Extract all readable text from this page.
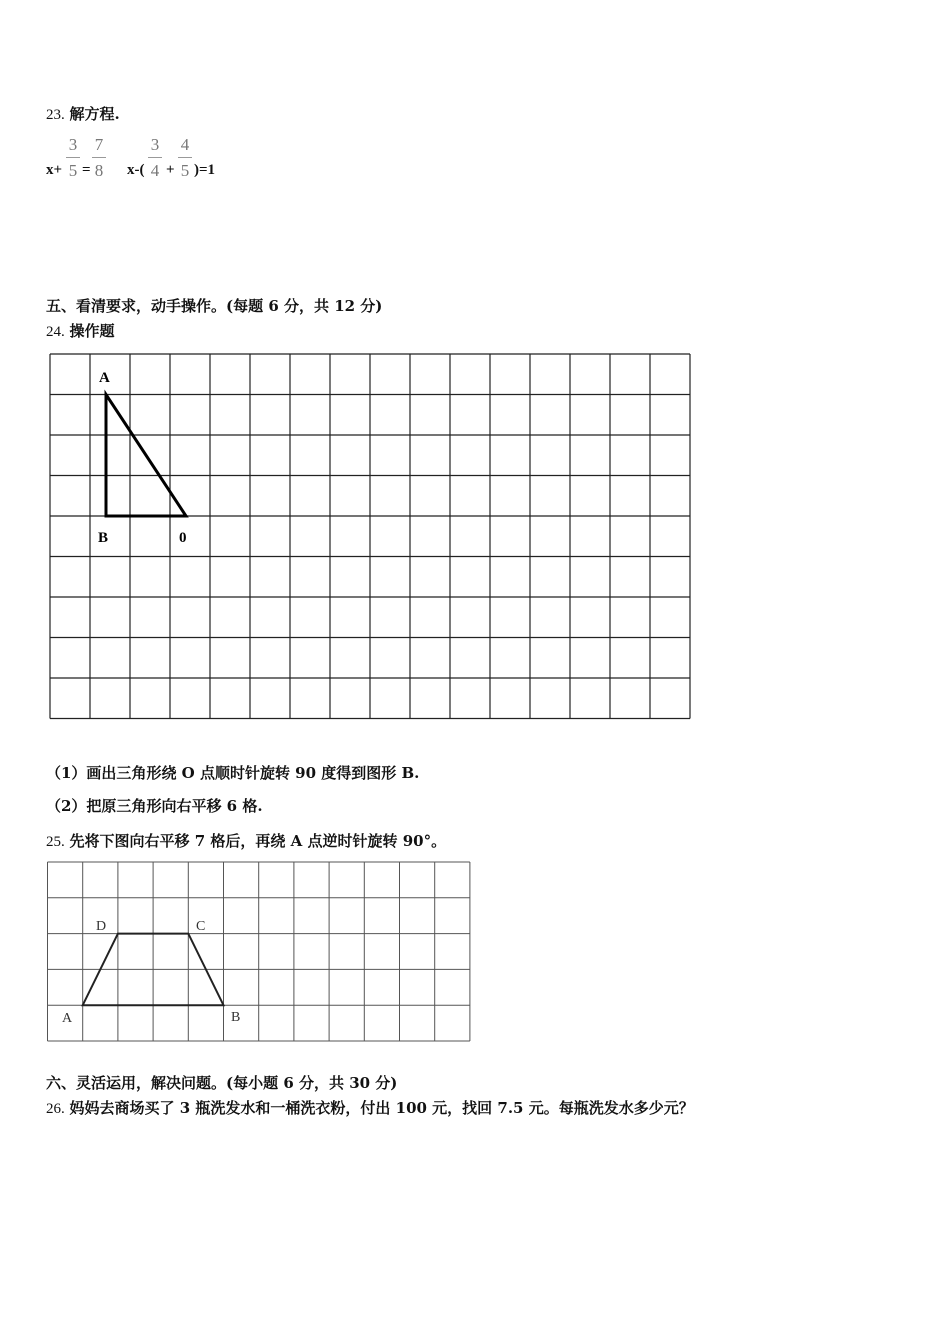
23. 解方程.
x+
3
5 =
7
8 x-(
3
4 +
4
5 )=1
五、看清要求，动手操作。(每题 6 分，共 12 分)
24. 操作题
A
B	0
（1）画出三角形绕 O 点顺时针旋转 90 度得到图形 B.
（2）把原三角形向右平移 6 格.
25. 先将下图向右平移 7 格后，再绕 A 点逆时针旋转 90°。
A	B
C
D
六、灵活运用，解决问题。(每小题 6 分，共 30 分)
26. 妈妈去商场买了 3 瓶洗发水和一桶洗衣粉，付出 100 元，找回 7.5 元。每瓶洗发水多少元？
